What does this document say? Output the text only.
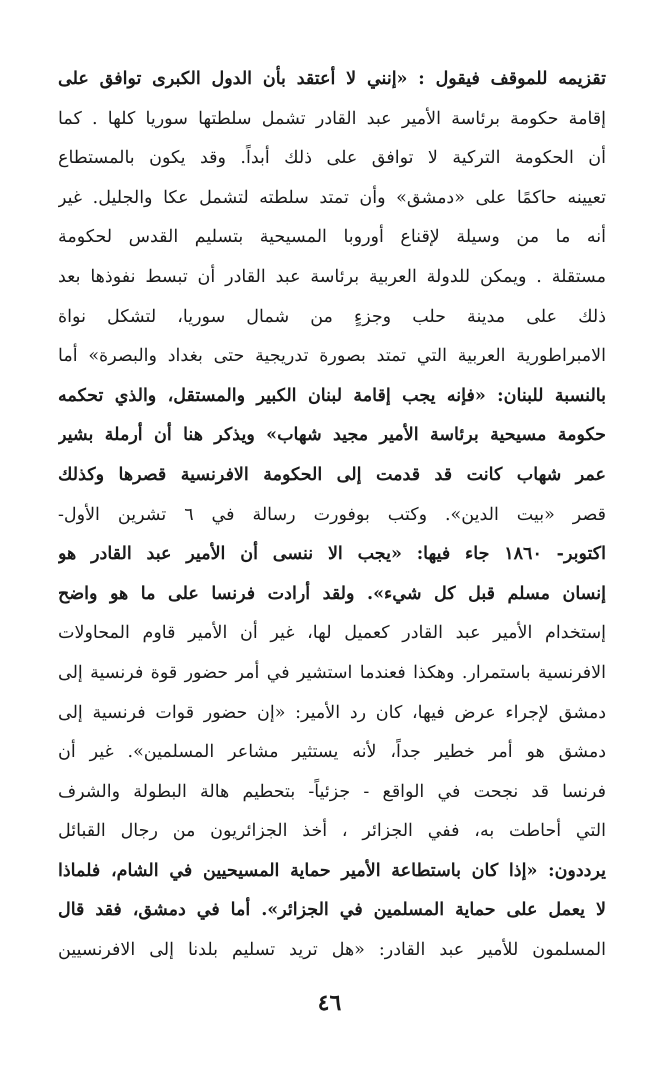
تقزيمه للموقف فيقول : «إنني لا أعتقد بأن الدول الكبرى توافق على
إقامة حكومة برئاسة الأمير عبد القادر تشمل سلطتها سوريا كلها . كما
أن الحكومة التركية لا توافق على ذلك أبداً. وقد يكون بالمستطاع
تعيينه حاكمًا على «دمشق» وأن تمتد سلطته لتشمل عكا والجليل. غير
أنه ما من وسيلة لإقناع أوروبا المسيحية بتسليم القدس لحكومة
مستقلة . ويمكن للدولة العربية برئاسة عبد القادر أن تبسط نفوذها بعد
ذلك على مدينة حلب وجزءٍ من شمال سوريا، لتشكل نواة
الامبراطورية العربية التي تمتد بصورة تدريجية حتى بغداد والبصرة» أما
بالنسبة للبنان: «فإنه يجب إقامة لبنان الكبير والمستقل، والذي تحكمه
حكومة مسيحية برئاسة الأمير مجيد شهاب» ويذكر هنا أن أرملة بشير
عمر شهاب كانت قد قدمت إلى الحكومة الافرنسية قصرها وكذلك
قصر «بيت الدين». وكتب بوفورت رسالة في ٦ تشرين الأول-
اكتوبر- ١٨٦٠ جاء فيها: «يجب الا ننسى أن الأمير عبد القادر هو
إنسان مسلم قبل كل شيء». ولقد أرادت فرنسا على ما هو واضح
إستخدام الأمير عبد القادر كعميل لها، غير أن الأمير قاوم المحاولات
الافرنسية باستمرار. وهكذا فعندما استشير في أمر حضور قوة فرنسية إلى
دمشق لإجراء عرض فيها، كان رد الأمير: «إن حضور قوات فرنسية إلى
دمشق هو أمر خطير جداً، لأنه يستثير مشاعر المسلمين». غير أن
فرنسا قد نجحت في الواقع - جزئياً- بتحطيم هالة البطولة والشرف
التي أحاطت به، ففي الجزائر ، أخذ الجزائريون من رجال القبائل
يرددون: «إذا كان باستطاعة الأمير حماية المسيحيين في الشام، فلماذا
لا يعمل على حماية المسلمين في الجزائر». أما في دمشق، فقد قال
المسلمون للأمير عبد القادر: «هل تريد تسليم بلدنا إلى الافرنسيين
٤٦
